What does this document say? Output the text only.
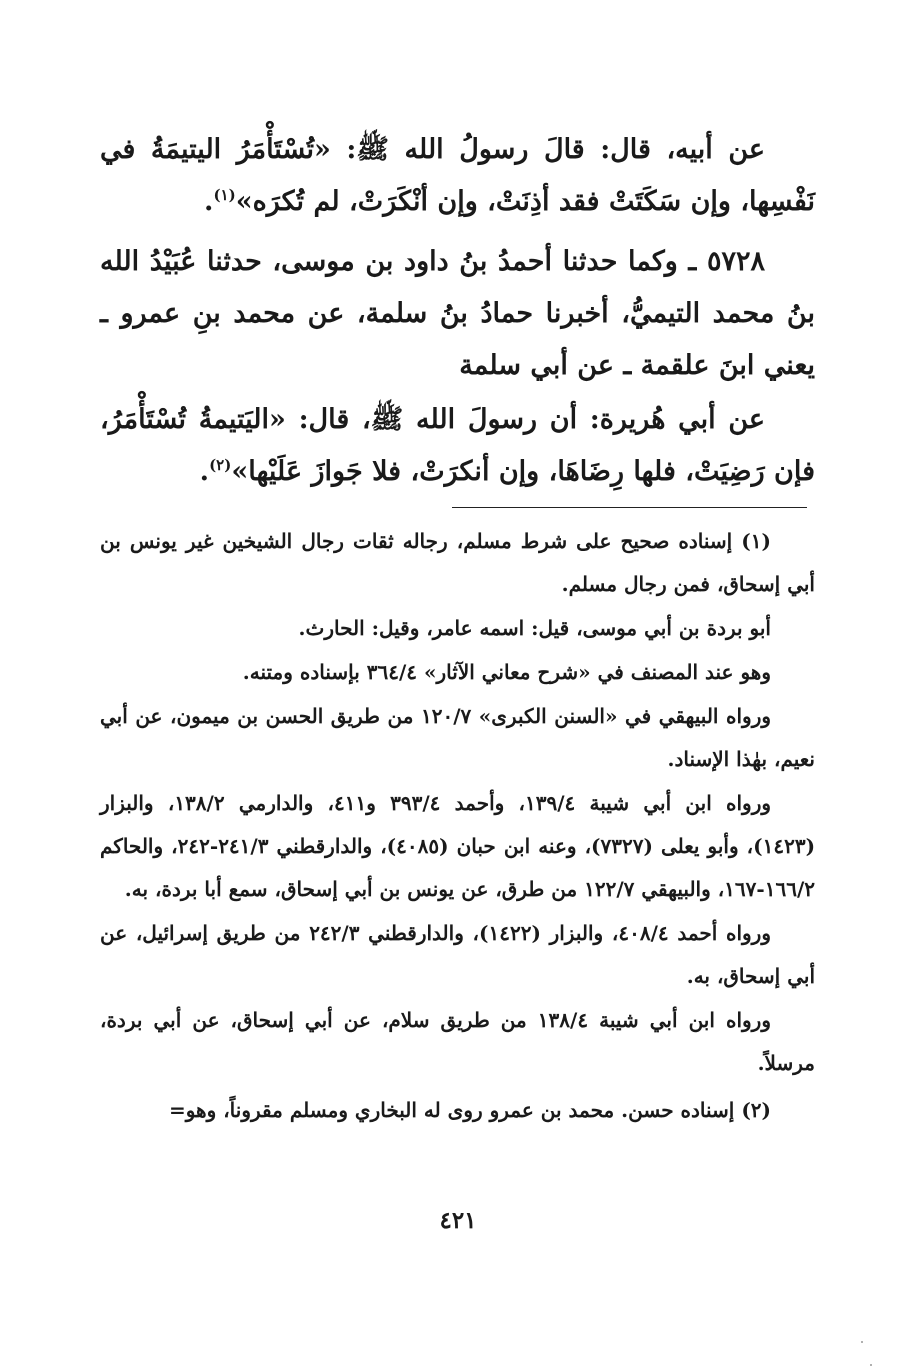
عن أبيه، قال: قالَ رسولُ الله ﷺ: «تُسْتَأْمَرُ اليتيمَةُ في نَفْسِها، وإن سَكَتَتْ فقد أذِنَتْ، وإن أنْكَرَتْ، لم تُكرَه»$^{(١)}$.

٥٧٢٨ ـ وكما حدثنا أحمدُ بنُ داود بن موسى، حدثنا عُبَيْدُ الله بنُ محمد التيميُّ، أخبرنا حمادُ بنُ سلمة، عن محمد بنِ عمرو ـ يعني ابنَ علقمة ـ عن أبي سلمة

عن أبي هُريرة: أن رسولَ الله ﷺ، قال: «اليَتيمةُ تُسْتَأْمَرُ، فإن رَضِيَتْ، فلها رِضَاهَا، وإن أنكرَتْ، فلا جَوازَ عَلَيْها»$^{(٢)}$.

(١) إسناده صحيح على شرط مسلم، رجاله ثقات رجال الشيخين غير يونس بن أبي إسحاق، فمن رجال مسلم.

أبو بردة بن أبي موسى، قيل: اسمه عامر، وقيل: الحارث.

وهو عند المصنف في «شرح معاني الآثار» ٣٦٤/٤ بإسناده ومتنه.

ورواه البيهقي في «السنن الكبرى» ١٢٠/٧ من طريق الحسن بن ميمون، عن أبي نعيم، بهٰذا الإسناد.

ورواه ابن أبي شيبة ١٣٩/٤، وأحمد ٣٩٣/٤ و٤١١، والدارمي ١٣٨/٢، والبزار (١٤٢٣)، وأبو يعلى (٧٣٢٧)، وعنه ابن حبان (٤٠٨٥)، والدارقطني ٢٤١/٣-٢٤٢، والحاكم ١٦٦/٢-١٦٧، والبيهقي ١٢٢/٧ من طرق، عن يونس بن أبي إسحاق، سمع أبا بردة، به.

ورواه أحمد ٤٠٨/٤، والبزار (١٤٢٢)، والدارقطني ٢٤٢/٣ من طريق إسرائيل، عن أبي إسحاق، به.

ورواه ابن أبي شيبة ١٣٨/٤ من طريق سلام، عن أبي إسحاق، عن أبي بردة، مرسلاً.

(٢) إسناده حسن. محمد بن عمرو روى له البخاري ومسلم مقروناً، وهو=

٤٢١
